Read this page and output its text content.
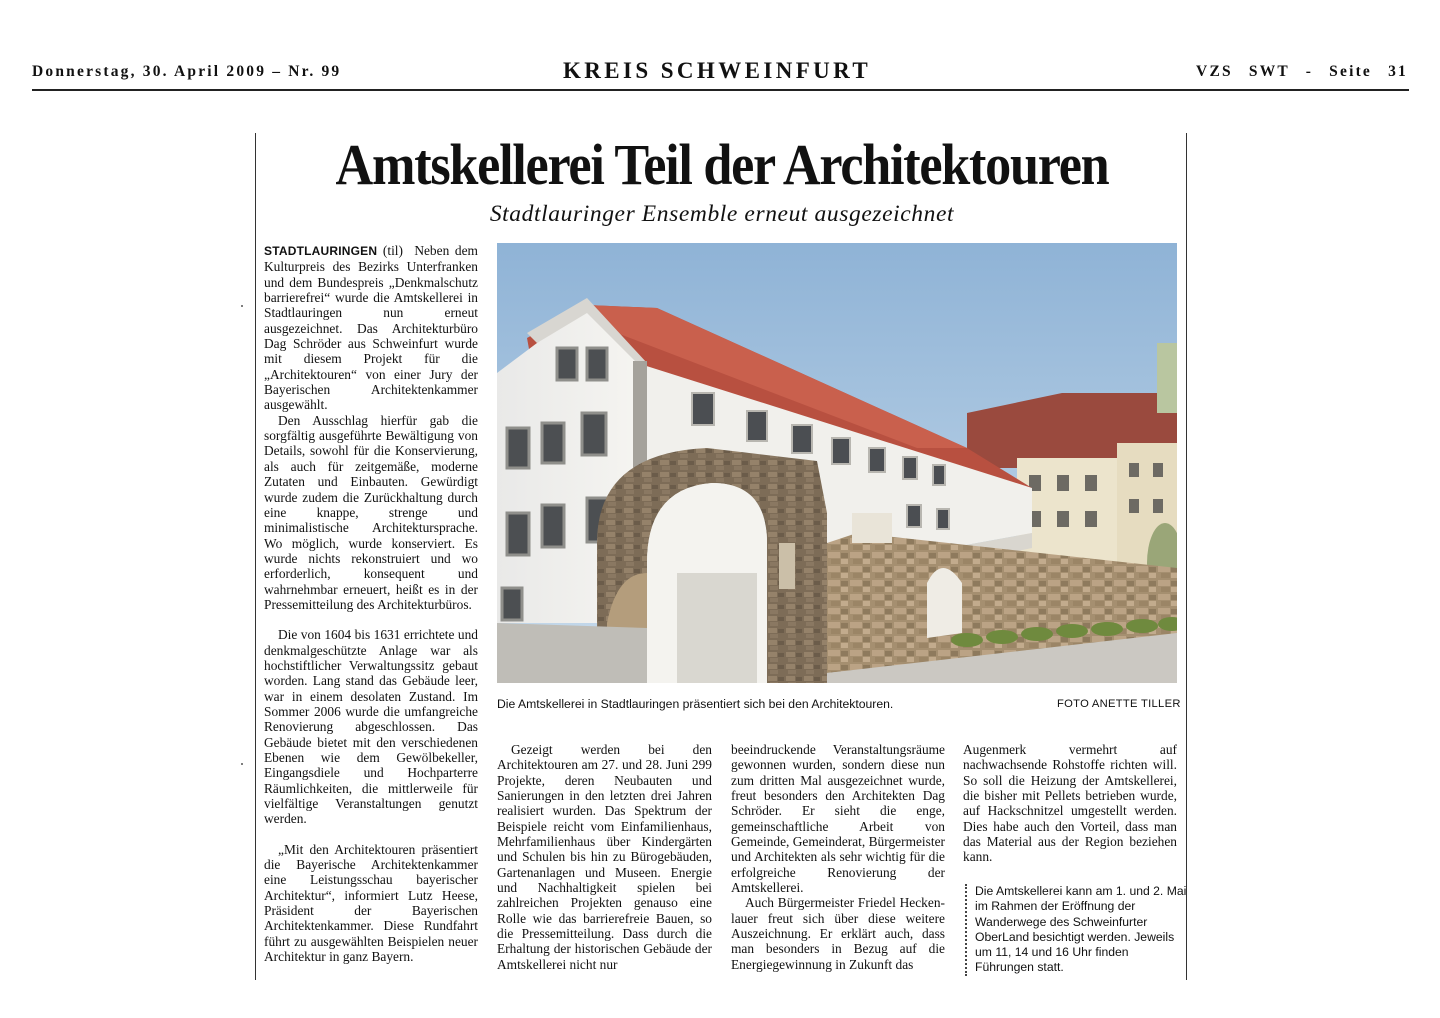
Donnerstag, 30. April 2009 – Nr. 99	KREIS SCHWEINFURT	VZS SWT - Seite 31
Amtskellerei Teil der Architektouren
Stadtlauringer Ensemble erneut ausgezeichnet

STADTLAURINGEN (til) Neben dem Kulturpreis des Bezirks Unterfranken und dem Bundespreis „Denkmalschutz barrierefrei“ wurde die Amtskellerei in Stadtlauringen nun erneut ausgezeichnet. Das Architekturbüro Dag Schröder aus Schweinfurt wurde mit diesem Projekt für die „Architektouren“ von einer Jury der Bayerischen Architektenkammer ausgewählt.

Den Ausschlag hierfür gab die sorgfältig ausgeführte Bewältigung von Details, sowohl für die Konservierung, als auch für zeitgemäße, moderne Zutaten und Einbauten. Gewürdigt wurde zudem die Zurückhaltung durch eine knappe, strenge und minimalistische Architektursprache. Wo möglich, wurde konserviert. Es wurde nichts rekonstruiert und wo erforderlich, konsequent und wahrnehmbar erneuert, heißt es in der Pressemitteilung des Architekturbüros.

Die von 1604 bis 1631 errichtete und denkmalgeschützte Anlage war als hochstiftlicher Verwaltungssitz gebaut worden. Lang stand das Gebäude leer, war in einem desolaten Zustand. Im Sommer 2006 wurde die umfangreiche Renovierung abgeschlossen. Das Gebäude bietet mit den verschiedenen Ebenen wie dem Gewölbekeller, Eingangsdiele und Hochparterre Räumlichkeiten, die mittlerweile für vielfältige Veranstaltungen genutzt werden.

„Mit den Architektouren präsentiert die Bayerische Architektenkammer eine Leistungsschau bayerischer Architektur“, informiert Lutz Heese, Präsident der Bayerischen Architektenkammer. Diese Rundfahrt führt zu ausgewählten Beispielen neuer Architektur in ganz Bayern.

Die Amtskellerei in Stadtlauringen präsentiert sich bei den Architektouren.	FOTO ANETTE TILLER

Gezeigt werden bei den Architektouren am 27. und 28. Juni 299 Projekte, deren Neubauten und Sanierungen in den letzten drei Jahren realisiert wurden. Das Spektrum der Beispiele reicht vom Einfamilienhaus, Mehrfamilienhaus über Kindergärten und Schulen bis hin zu Bürogebäuden, Gartenanlagen und Museen. Energie und Nachhaltigkeit spielen bei zahlreichen Projekten genauso eine Rolle wie das barrierefreie Bauen, so die Pressemitteilung. Dass durch die Erhaltung der historischen Gebäude der Amtskellerei nicht nur

beeindruckende Veranstaltungsräume gewonnen wurden, sondern diese nun zum dritten Mal ausgezeichnet wurde, freut besonders den Architekten Dag Schröder. Er sieht die enge, gemeinschaftliche Arbeit von Gemeinde, Gemeinderat, Bürgermeister und Architekten als sehr wichtig für die erfolgreiche Renovierung der Amtskellerei.

Auch Bürgermeister Friedel Heckenlauer freut sich über diese weitere Auszeichnung. Er erklärt auch, dass man besonders in Bezug auf die Energiegewinnung in Zukunft das

Augenmerk vermehrt auf nachwachsende Rohstoffe richten will. So soll die Heizung der Amtskellerei, die bisher mit Pellets betrieben wurde, auf Hackschnitzel umgestellt werden. Dies habe auch den Vorteil, dass man das Material aus der Region beziehen kann.

Die Amtskellerei kann am 1. und 2. Mai im Rahmen der Eröffnung der Wanderwege des Schweinfurter OberLand besichtigt werden. Jeweils um 11, 14 und 16 Uhr finden Führungen statt.
